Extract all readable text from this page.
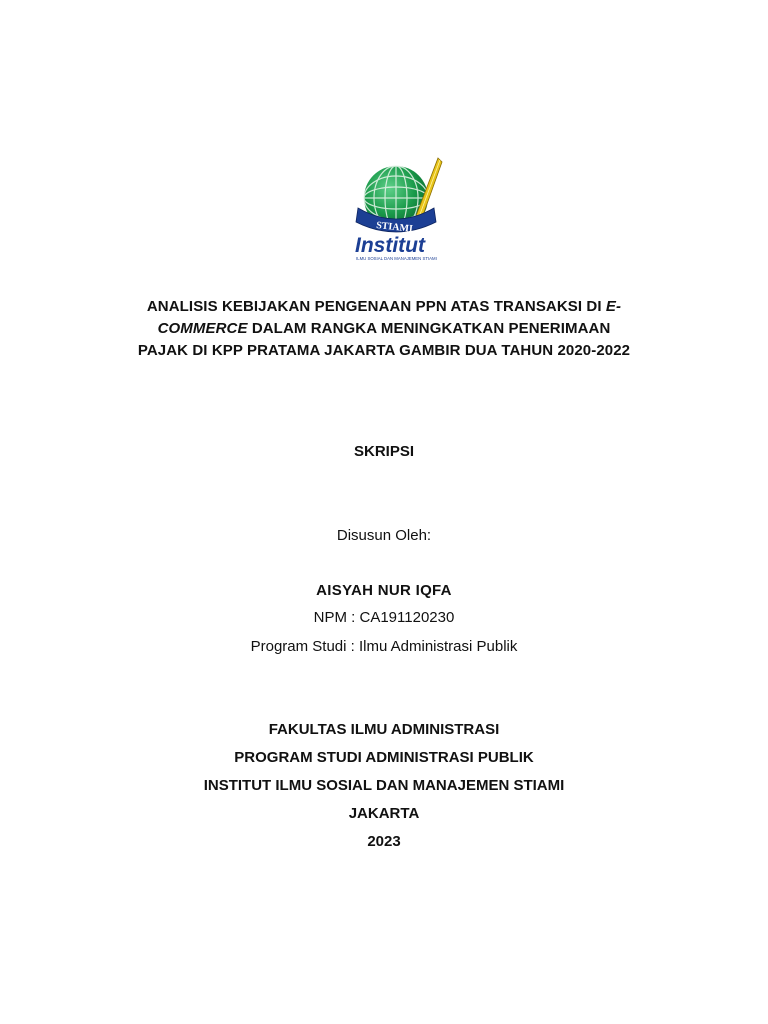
STIAMI
Institut
ILMU SOSIAL DAN MANAJEMEN STIAMI
ANALISIS KEBIJAKAN PENGENAAN PPN ATAS TRANSAKSI DI E-
COMMERCE DALAM RANGKA MENINGKATKAN PENERIMAAN
PAJAK DI KPP PRATAMA JAKARTA GAMBIR DUA TAHUN 2020-2022
SKRIPSI
Disusun Oleh:
AISYAH NUR IQFA
NPM : CA191120230
Program Studi : Ilmu Administrasi Publik
FAKULTAS ILMU ADMINISTRASI
PROGRAM STUDI ADMINISTRASI PUBLIK
INSTITUT ILMU SOSIAL DAN MANAJEMEN STIAMI
JAKARTA
2023
